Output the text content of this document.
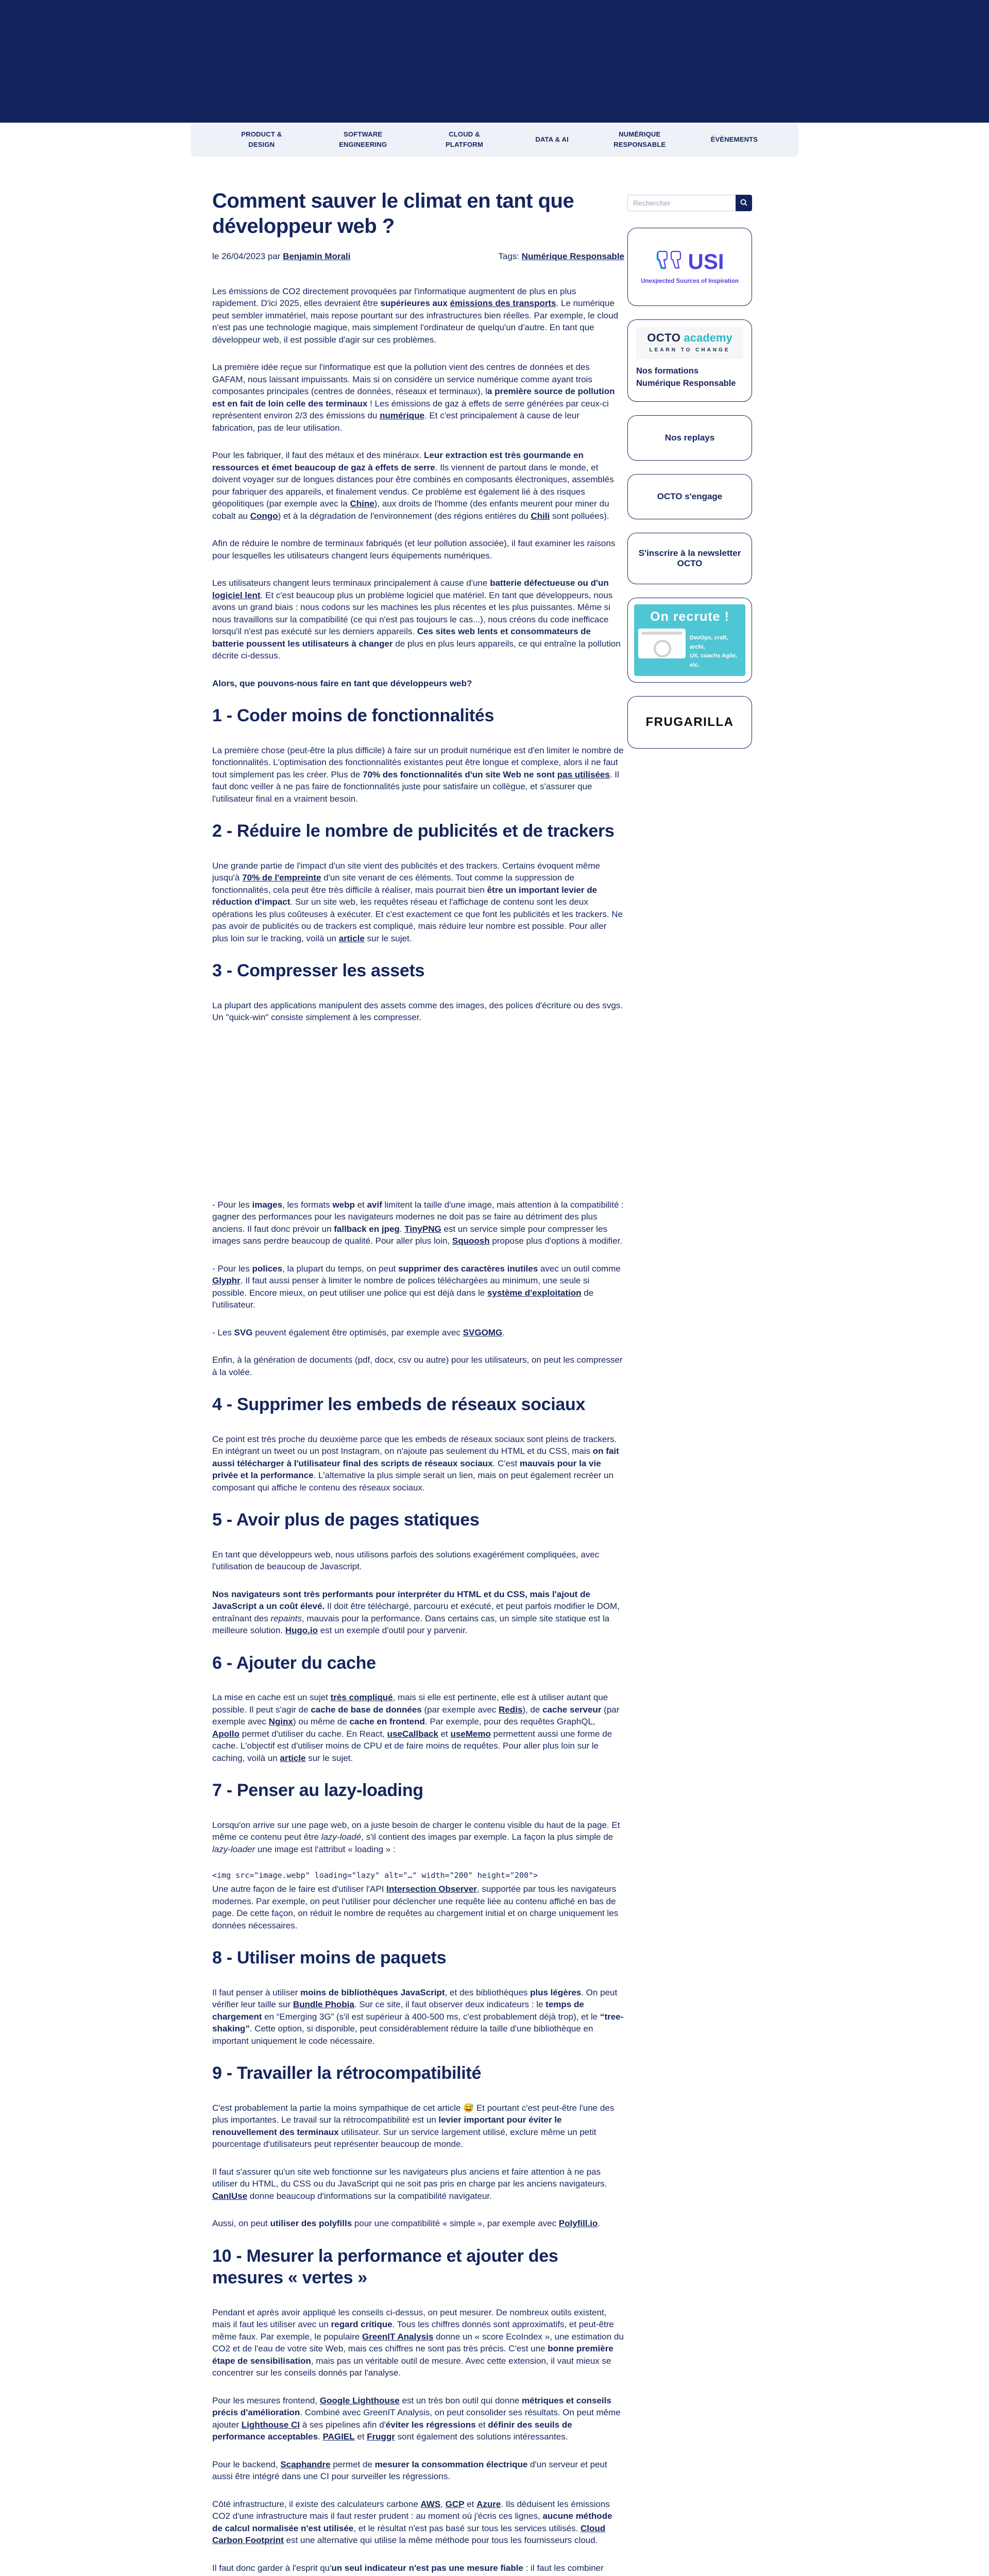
PRODUCT & DESIGN
SOFTWARE ENGINEERING
CLOUD & PLATFORM
DATA & AI
NUMÉRIQUE RESPONSABLE
ÉVÈNEMENTS
Comment sauver le climat en tant que développeur web ?
le 26/04/2023 par Benjamin Morali	Tags: Numérique Responsable

Les émissions de CO2 directement provoquées par l'informatique augmentent de plus en plus rapidement. D'ici 2025, elles devraient être supérieures aux émissions des transports. Le numérique peut sembler immatériel, mais repose pourtant sur des infrastructures bien réelles. Par exemple, le cloud n'est pas une technologie magique, mais simplement l'ordinateur de quelqu'un d'autre. En tant que développeur web, il est possible d'agir sur ces problèmes.

La première idée reçue sur l'informatique est que la pollution vient des centres de données et des GAFAM, nous laissant impuissants. Mais si on considère un service numérique comme ayant trois composantes principales (centres de données, réseaux et terminaux), la première source de pollution est en fait de loin celle des terminaux ! Les émissions de gaz à effets de serre générées par ceux-ci représentent environ 2/3 des émissions du numérique. Et c'est principalement à cause de leur fabrication, pas de leur utilisation.

Pour les fabriquer, il faut des métaux et des minéraux. Leur extraction est très gourmande en ressources et émet beaucoup de gaz à effets de serre. Ils viennent de partout dans le monde, et doivent voyager sur de longues distances pour être combinés en composants électroniques, assemblés pour fabriquer des appareils, et finalement vendus. Ce problème est également lié à des risques géopolitiques (par exemple avec la Chine), aux droits de l'homme (des enfants meurent pour miner du cobalt au Congo) et à la dégradation de l'environnement (des régions entières du Chili sont polluées).

Afin de réduire le nombre de terminaux fabriqués (et leur pollution associée), il faut examiner les raisons pour lesquelles les utilisateurs changent leurs équipements numériques.

Les utilisateurs changent leurs terminaux principalement à cause d'une batterie défectueuse ou d'un logiciel lent. Et c'est beaucoup plus un problème logiciel que matériel. En tant que développeurs, nous avons un grand biais : nous codons sur les machines les plus récentes et les plus puissantes. Même si nous travaillons sur la compatibilité (ce qui n'est pas toujours le cas...), nous créons du code inefficace lorsqu'il n'est pas exécuté sur les derniers appareils. Ces sites web lents et consommateurs de batterie poussent les utilisateurs à changer de plus en plus leurs appareils, ce qui entraîne la pollution décrite ci-dessus.

Alors, que pouvons-nous faire en tant que développeurs web?

1 - Coder moins de fonctionnalités

La première chose (peut-être la plus difficile) à faire sur un produit numérique est d'en limiter le nombre de fonctionnalités. L'optimisation des fonctionnalités existantes peut être longue et complexe, alors il ne faut tout simplement pas les créer. Plus de 70% des fonctionnalités d'un site Web ne sont pas utilisées. Il faut donc veiller à ne pas faire de fonctionnalités juste pour satisfaire un collègue, et s'assurer que l'utilisateur final en a vraiment besoin.

2 - Réduire le nombre de publicités et de trackers

Une grande partie de l'impact d'un site vient des publicités et des trackers. Certains évoquent même jusqu'à 70% de l'empreinte d'un site venant de ces éléments. Tout comme la suppression de fonctionnalités, cela peut être très difficile à réaliser, mais pourrait bien être un important levier de réduction d'impact. Sur un site web, les requêtes réseau et l'affichage de contenu sont les deux opérations les plus coûteuses à exécuter. Et c'est exactement ce que font les publicités et les trackers. Ne pas avoir de publicités ou de trackers est compliqué, mais réduire leur nombre est possible. Pour aller plus loin sur le tracking, voilà un article sur le sujet.

3 - Compresser les assets

La plupart des applications manipulent des assets comme des images, des polices d'écriture ou des svgs. Un "quick-win" consiste simplement à les compresser.

- Pour les images, les formats webp et avif limitent la taille d'une image, mais attention à la compatibilité : gagner des performances pour les navigateurs modernes ne doit pas se faire au détriment des plus anciens. Il faut donc prévoir un fallback en jpeg. TinyPNG est un service simple pour compresser les images sans perdre beaucoup de qualité. Pour aller plus loin, Squoosh propose plus d'options à modifier.

- Pour les polices, la plupart du temps, on peut supprimer des caractères inutiles avec un outil comme Glyphr. Il faut aussi penser à limiter le nombre de polices téléchargées au minimum, une seule si possible. Encore mieux, on peut utiliser une police qui est déjà dans le système d'exploitation de l'utilisateur.

- Les SVG peuvent également être optimisés, par exemple avec SVGOMG.

Enfin, à la génération de documents (pdf, docx, csv ou autre) pour les utilisateurs, on peut les compresser à la volée.

4 - Supprimer les embeds de réseaux sociaux

Ce point est très proche du deuxième parce que les embeds de réseaux sociaux sont pleins de trackers. En intégrant un tweet ou un post Instagram, on n'ajoute pas seulement du HTML et du CSS, mais on fait aussi télécharger à l'utilisateur final des scripts de réseaux sociaux. C'est mauvais pour la vie privée et la performance. L'alternative la plus simple serait un lien, mais on peut également recréer un composant qui affiche le contenu des réseaux sociaux.

5 - Avoir plus de pages statiques

En tant que développeurs web, nous utilisons parfois des solutions exagérément compliquées, avec l'utilisation de beaucoup de Javascript.

Nos navigateurs sont très performants pour interpréter du HTML et du CSS, mais l'ajout de JavaScript a un coût élevé. Il doit être téléchargé, parcouru et exécuté, et peut parfois modifier le DOM, entraînant des repaints, mauvais pour la performance. Dans certains cas, un simple site statique est la meilleure solution. Hugo.io est un exemple d'outil pour y parvenir.

6 - Ajouter du cache

La mise en cache est un sujet très compliqué, mais si elle est pertinente, elle est à utiliser autant que possible. Il peut s'agir de cache de base de données (par exemple avec Redis), de cache serveur (par exemple avec Nginx) ou même de cache en frontend. Par exemple, pour des requêtes GraphQL, Apollo permet d'utiliser du cache. En React, useCallback et useMemo permettent aussi une forme de cache. L'objectif est d'utiliser moins de CPU et de faire moins de requêtes. Pour aller plus loin sur le caching, voilà un article sur le sujet.

7 - Penser au lazy-loading

Lorsqu'on arrive sur une page web, on a juste besoin de charger le contenu visible du haut de la page. Et même ce contenu peut être lazy-loadé, s'il contient des images par exemple. La façon la plus simple de lazy-loader une image est l'attribut « loading » :

<img src="image.webp" loading="lazy" alt="…" width="200" height="200">

Une autre façon de le faire est d'utiliser l'API Intersection Observer, supportée par tous les navigateurs modernes. Par exemple, on peut l'utiliser pour déclencher une requête liée au contenu affiché en bas de page. De cette façon, on réduit le nombre de requêtes au chargement initial et on charge uniquement les données nécessaires.

8 - Utiliser moins de paquets

Il faut penser à utiliser moins de bibliothèques JavaScript, et des bibliothèques plus légères. On peut vérifier leur taille sur Bundle Phobia. Sur ce site, il faut observer deux indicateurs : le temps de chargement en “Emerging 3G” (s'il est supérieur à 400-500 ms, c'est probablement déjà trop), et le “tree-shaking”. Cette option, si disponible, peut considérablement réduire la taille d'une bibliothèque en important uniquement le code nécessaire.

9 - Travailler la rétrocompatibilité

C'est probablement la partie la moins sympathique de cet article 😅 Et pourtant c'est peut-être l'une des plus importantes. Le travail sur la rétrocompatibilité est un levier important pour éviter le renouvellement des terminaux utilisateur. Sur un service largement utilisé, exclure même un petit pourcentage d'utilisateurs peut représenter beaucoup de monde.

Il faut s'assurer qu'un site web fonctionne sur les navigateurs plus anciens et faire attention à ne pas utiliser du HTML, du CSS ou du JavaScript qui ne soit pas pris en charge par les anciens navigateurs. CanIUse donne beaucoup d'informations sur la compatibilité navigateur.

Aussi, on peut utiliser des polyfills pour une compatibilité « simple », par exemple avec Polyfill.io.

10 - Mesurer la performance et ajouter des mesures « vertes »

Pendant et après avoir appliqué les conseils ci-dessus, on peut mesurer. De nombreux outils existent, mais il faut les utiliser avec un regard critique. Tous les chiffres donnés sont approximatifs, et peut-être même faux. Par exemple, le populaire GreenIT Analysis donne un « score EcoIndex », une estimation du CO2 et de l'eau de votre site Web, mais ces chiffres ne sont pas très précis. C'est une bonne première étape de sensibilisation, mais pas un véritable outil de mesure. Avec cette extension, il vaut mieux se concentrer sur les conseils donnés par l'analyse.

Pour les mesures frontend, Google Lighthouse est un très bon outil qui donne métriques et conseils précis d'amélioration. Combiné avec GreenIT Analysis, on peut consolider ses résultats. On peut même ajouter Lighthouse CI à ses pipelines afin d'éviter les régressions et définir des seuils de performance acceptables. PAGIEL et Fruggr sont également des solutions intéressantes.

Pour le backend, Scaphandre permet de mesurer la consommation électrique d'un serveur et peut aussi être intégré dans une CI pour surveiller les régressions.

Côté infrastructure, il existe des calculateurs carbone AWS, GCP et Azure. Ils déduisent les émissions CO2 d'une infrastructure mais il faut rester prudent : au moment où j'écris ces lignes, aucune méthode de calcul normalisée n'est utilisée, et le résultat n'est pas basé sur tous les services utilisés. Cloud Carbon Footprint est une alternative qui utilise la même méthode pour tous les fournisseurs cloud.

Il faut donc garder à l'esprit qu'un seul indicateur n'est pas une mesure fiable : il faut les combiner

Rechercher
USI
Unexpected Sources of Inspiration
OCTO academy
LEARN TO CHANGE
Nos formations Numérique Responsable
Nos replays
OCTO s'engage
S'inscrire à la newsletter OCTO
On recrute !
DevOps, craft, archi,
UX, coachs Agile, etc.
FRUGARILLA
